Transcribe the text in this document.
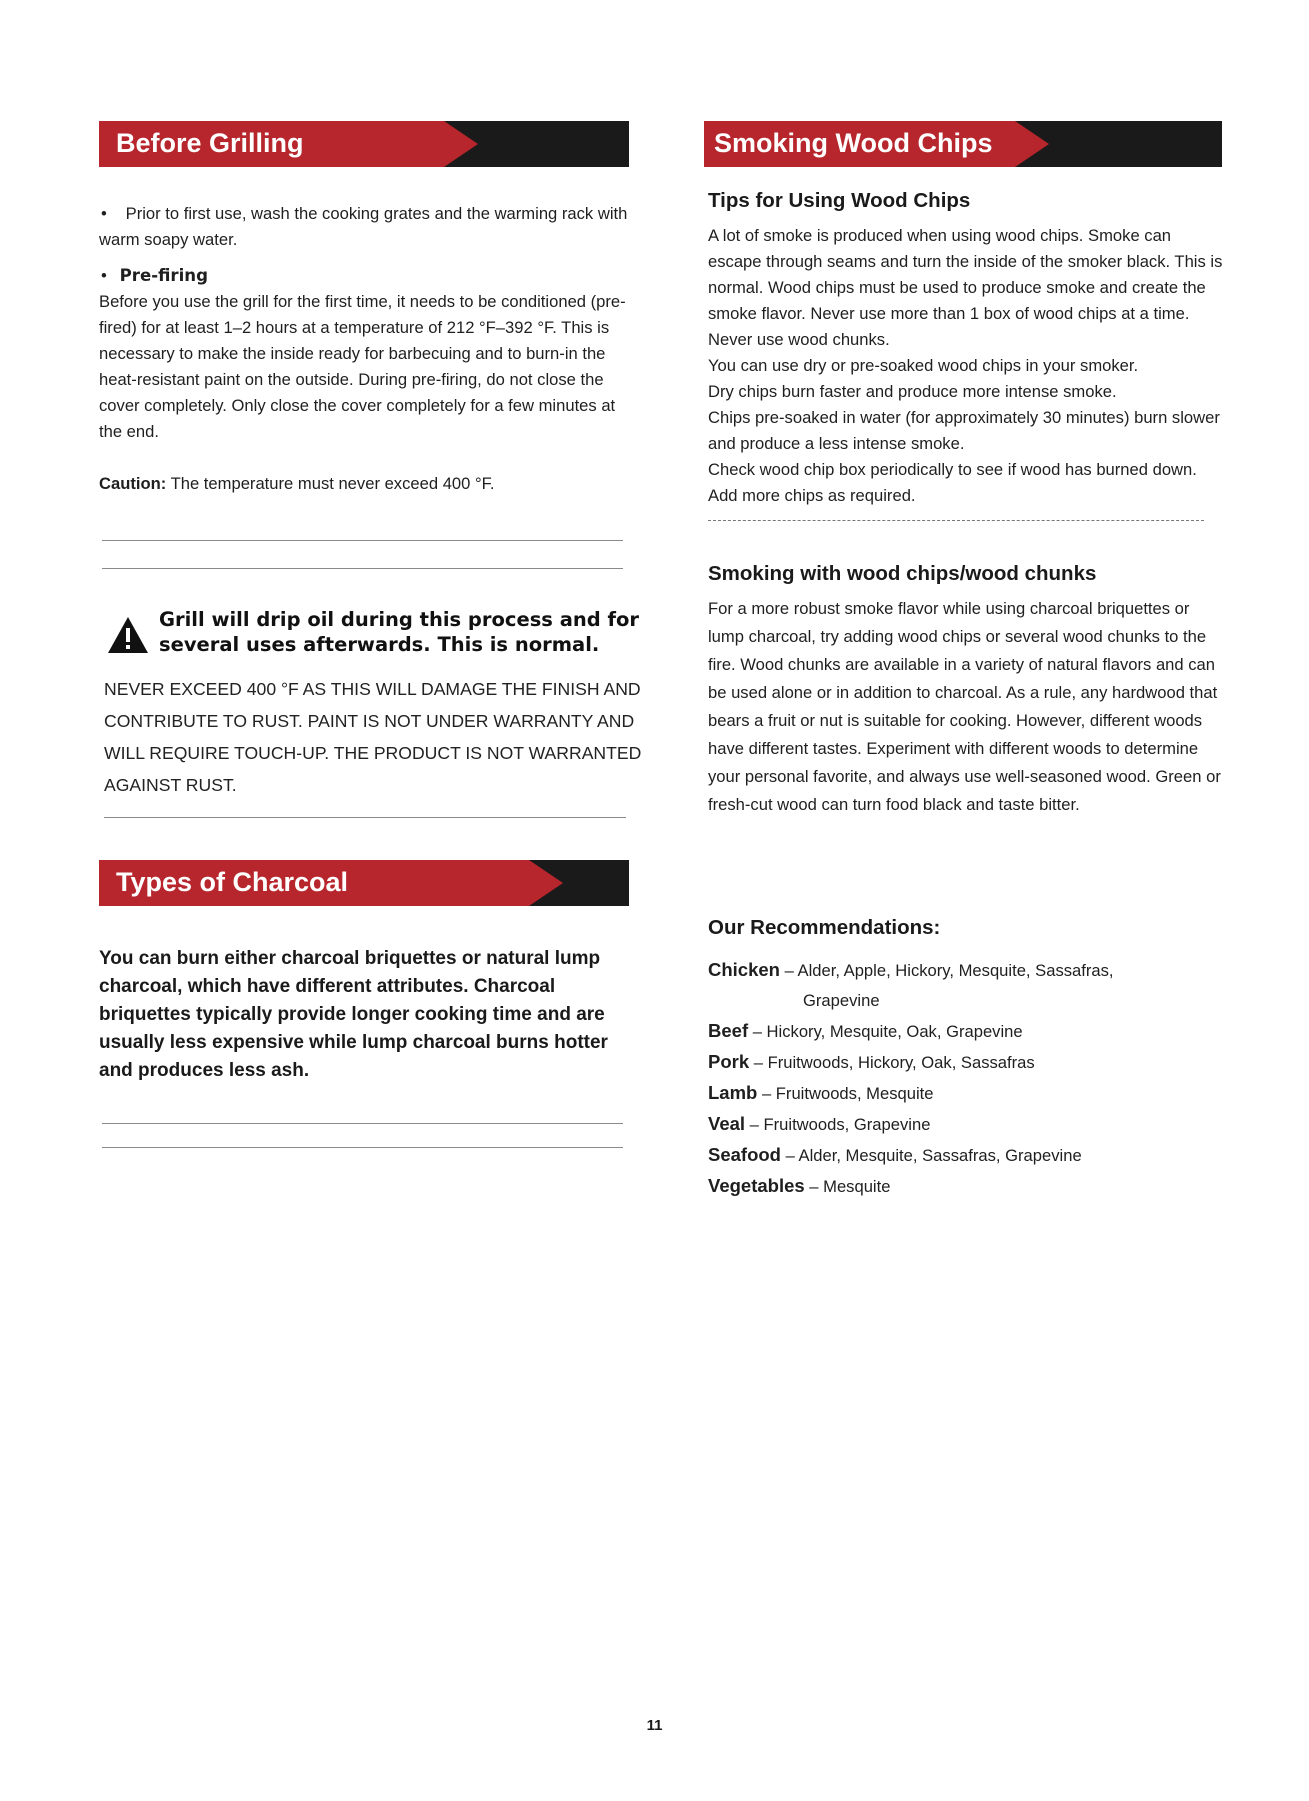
Before Grilling
• Prior to first use, wash the cooking grates and the warming rack with warm soapy water.
• Pre-firing
Before you use the grill for the first time, it needs to be conditioned (pre-fired) for at least 1–2 hours at a temperature of 212 °F–392 °F. This is necessary to make the inside ready for barbecuing and to burn-in the heat-resistant paint on the outside. During pre-firing, do not close the cover completely. Only close the cover completely for a few minutes at the end.
Caution: The temperature must never exceed 400 °F.
Grill will drip oil during this process and for several uses afterwards. This is normal.
NEVER EXCEED 400 °F AS THIS WILL DAMAGE THE FINISH AND CONTRIBUTE TO RUST. PAINT IS NOT UNDER WARRANTY AND WILL REQUIRE TOUCH-UP. THE PRODUCT IS NOT WARRANTED AGAINST RUST.
Types of Charcoal
You can burn either charcoal briquettes or natural lump charcoal, which have different attributes. Charcoal briquettes typically provide longer cooking time and are usually less expensive while lump charcoal burns hotter and produces less ash.
Smoking Wood Chips
Tips for Using Wood Chips
A lot of smoke is produced when using wood chips. Smoke can escape through seams and turn the inside of the smoker black. This is normal. Wood chips must be used to produce smoke and create the smoke flavor. Never use more than 1 box of wood chips at a time. Never use wood chunks.
You can use dry or pre-soaked wood chips in your smoker.
Dry chips burn faster and produce more intense smoke.
Chips pre-soaked in water (for approximately 30 minutes) burn slower and produce a less intense smoke.
Check wood chip box periodically to see if wood has burned down. Add more chips as required.
Smoking with wood chips/wood chunks
For a more robust smoke flavor while using charcoal briquettes or lump charcoal, try adding wood chips or several wood chunks to the fire. Wood chunks are available in a variety of natural flavors and can be used alone or in addition to charcoal. As a rule, any hardwood that bears a fruit or nut is suitable for cooking. However, different woods have different tastes. Experiment with different woods to determine your personal favorite, and always use well-seasoned wood. Green or fresh-cut wood can turn food black and taste bitter.
Our Recommendations:
Chicken – Alder, Apple, Hickory, Mesquite, Sassafras,
Grapevine
Beef – Hickory, Mesquite, Oak, Grapevine
Pork – Fruitwoods, Hickory, Oak, Sassafras
Lamb – Fruitwoods, Mesquite
Veal – Fruitwoods, Grapevine
Seafood – Alder, Mesquite, Sassafras, Grapevine
Vegetables – Mesquite
11
